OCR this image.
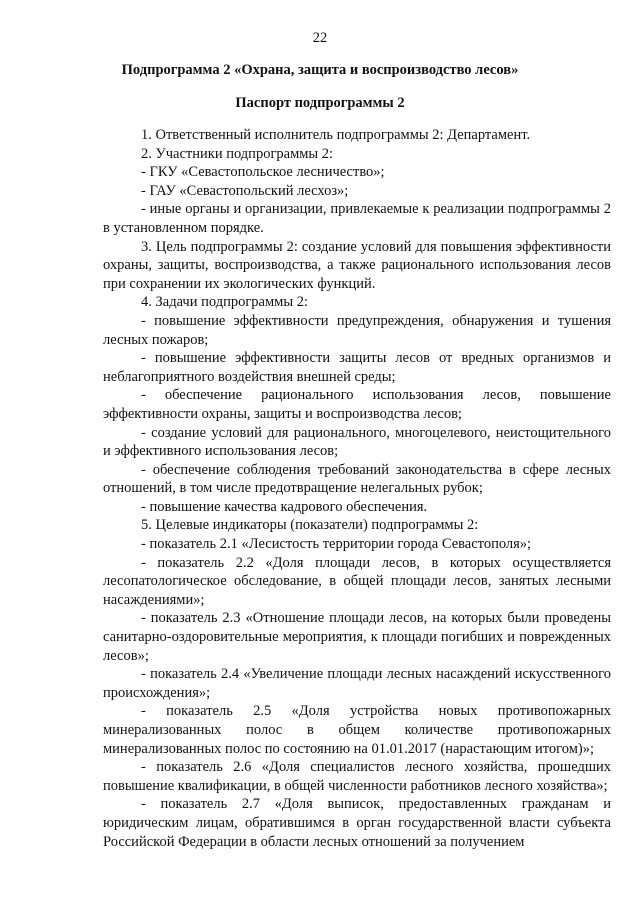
22
Подпрограмма 2 «Охрана, защита и воспроизводство лесов»
Паспорт подпрограммы 2

1. Ответственный исполнитель подпрограммы 2: Департамент.

2. Участники подпрограммы 2:

- ГКУ «Севастопольское лесничество»;

- ГАУ «Севастопольский лесхоз»;

- иные органы и организации, привлекаемые к реализации подпрограммы 2 в установленном порядке.

3. Цель подпрограммы 2: создание условий для повышения эффективности охраны, защиты, воспроизводства, а также рационального использования лесов при сохранении их экологических функций.

4. Задачи подпрограммы 2:

- повышение эффективности предупреждения, обнаружения и тушения лесных пожаров;

- повышение эффективности защиты лесов от вредных организмов и неблагоприятного воздействия внешней среды;

- обеспечение рационального использования лесов, повышение эффективности охраны, защиты и воспроизводства лесов;

- создание условий для рационального, многоцелевого, неистощительного и эффективного использования лесов;

- обеспечение соблюдения требований законодательства в сфере лесных отношений, в том числе предотвращение нелегальных рубок;

- повышение качества кадрового обеспечения.

5. Целевые индикаторы (показатели) подпрограммы 2:

- показатель 2.1 «Лесистость территории города Севастополя»;

- показатель 2.2 «Доля площади лесов, в которых осуществляется лесопатологическое обследование, в общей площади лесов, занятых лесными насаждениями»;

- показатель 2.3 «Отношение площади лесов, на которых были проведены санитарно-оздоровительные мероприятия, к площади погибших и поврежденных лесов»;

- показатель 2.4 «Увеличение площади лесных насаждений искусственного происхождения»;

- показатель 2.5 «Доля устройства новых противопожарных минерализованных полос в общем количестве противопожарных минерализованных полос по состоянию на 01.01.2017 (нарастающим итогом)»;

- показатель 2.6 «Доля специалистов лесного хозяйства, прошедших повышение квалификации, в общей численности работников лесного хозяйства»;

- показатель 2.7 «Доля выписок, предоставленных гражданам и юридическим лицам, обратившимся в орган государственной власти субъекта Российской Федерации в области лесных отношений за получением
